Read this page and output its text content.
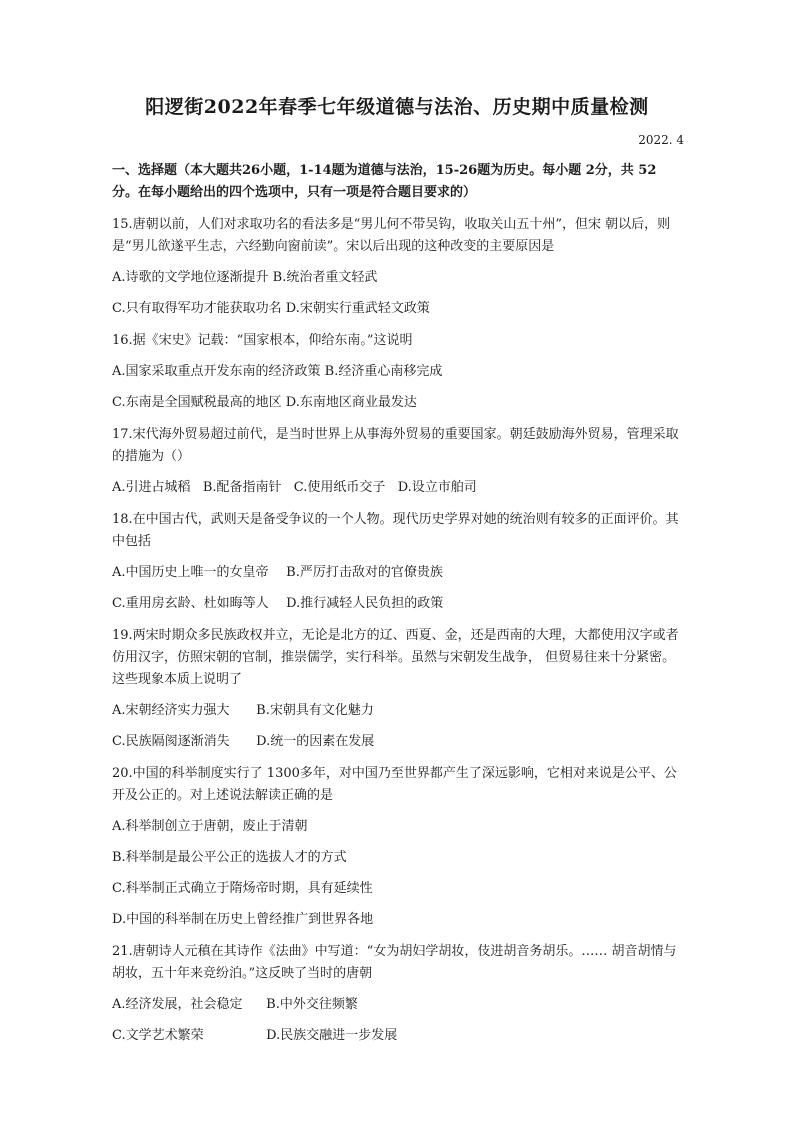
阳逻街2022年春季七年级道德与法治、历史期中质量检测
2022. 4
一、选择题（本大题共26小题，1-14题为道德与法治，15-26题为历史。每小题 2分，共 52 分。在每小题给出的四个选项中，只有一项是符合题目要求的）
15.唐朝以前，人们对求取功名的看法多是“男儿何不带吴钩，收取关山五十州”，但宋 朝以后，则是“男儿欲遂平生志，六经勤向窗前读”。宋以后出现的这种改变的主要原因是
A.诗歌的文学地位逐渐提升 B.统治者重文轻武
C.只有取得军功才能获取功名 D.宋朝实行重武轻文政策
16.据《宋史》记载：“国家根本，仰给东南。”这说明
A.国家采取重点开发东南的经济政策 B.经济重心南移完成
C.东南是全国赋税最高的地区 D.东南地区商业最发达
17.宋代海外贸易超过前代，是当时世界上从事海外贸易的重要国家。朝廷鼓励海外贸易，管理采取的措施为（）
A.引进占城稻 B.配备指南针 C.使用纸币交子 D.设立市舶司
18.在中国古代，武则天是备受争议的一个人物。现代历史学界对她的统治则有较多的正面评价。其中包括
A.中国历史上唯一的女皇帝 B.严厉打击敌对的官僚贵族
C.重用房玄龄、杜如晦等人 D.推行减轻人民负担的政策
19.两宋时期众多民族政权并立，无论是北方的辽、西夏、金，还是西南的大理，大都使用汉字或者仿用汉字，仿照宋朝的官制，推崇儒学，实行科举。虽然与宋朝发生战争， 但贸易往来十分紧密。这些现象本质上说明了
A.宋朝经济实力强大 B.宋朝具有文化魅力
C.民族隔阂逐渐消失 D.统一的因素在发展
20.中国的科举制度实行了 1300多年，对中国乃至世界都产生了深远影响，它相对来说是公平、公开及公正的。对上述说法解读正确的是
A.科举制创立于唐朝，废止于清朝
B.科举制是最公平公正的选拔人才的方式
C.科举制正式确立于隋炀帝时期，具有延续性
D.中国的科举制在历史上曾经推广到世界各地
21.唐朝诗人元稹在其诗作《法曲》中写道：“女为胡妇学胡妆，伎进胡音务胡乐。…… 胡音胡情与胡妆，五十年来竞纷泊。”这反映了当时的唐朝
A.经济发展，社会稳定 B.中外交往频繁
C.文学艺术繁荣	D.民族交融进一步发展
